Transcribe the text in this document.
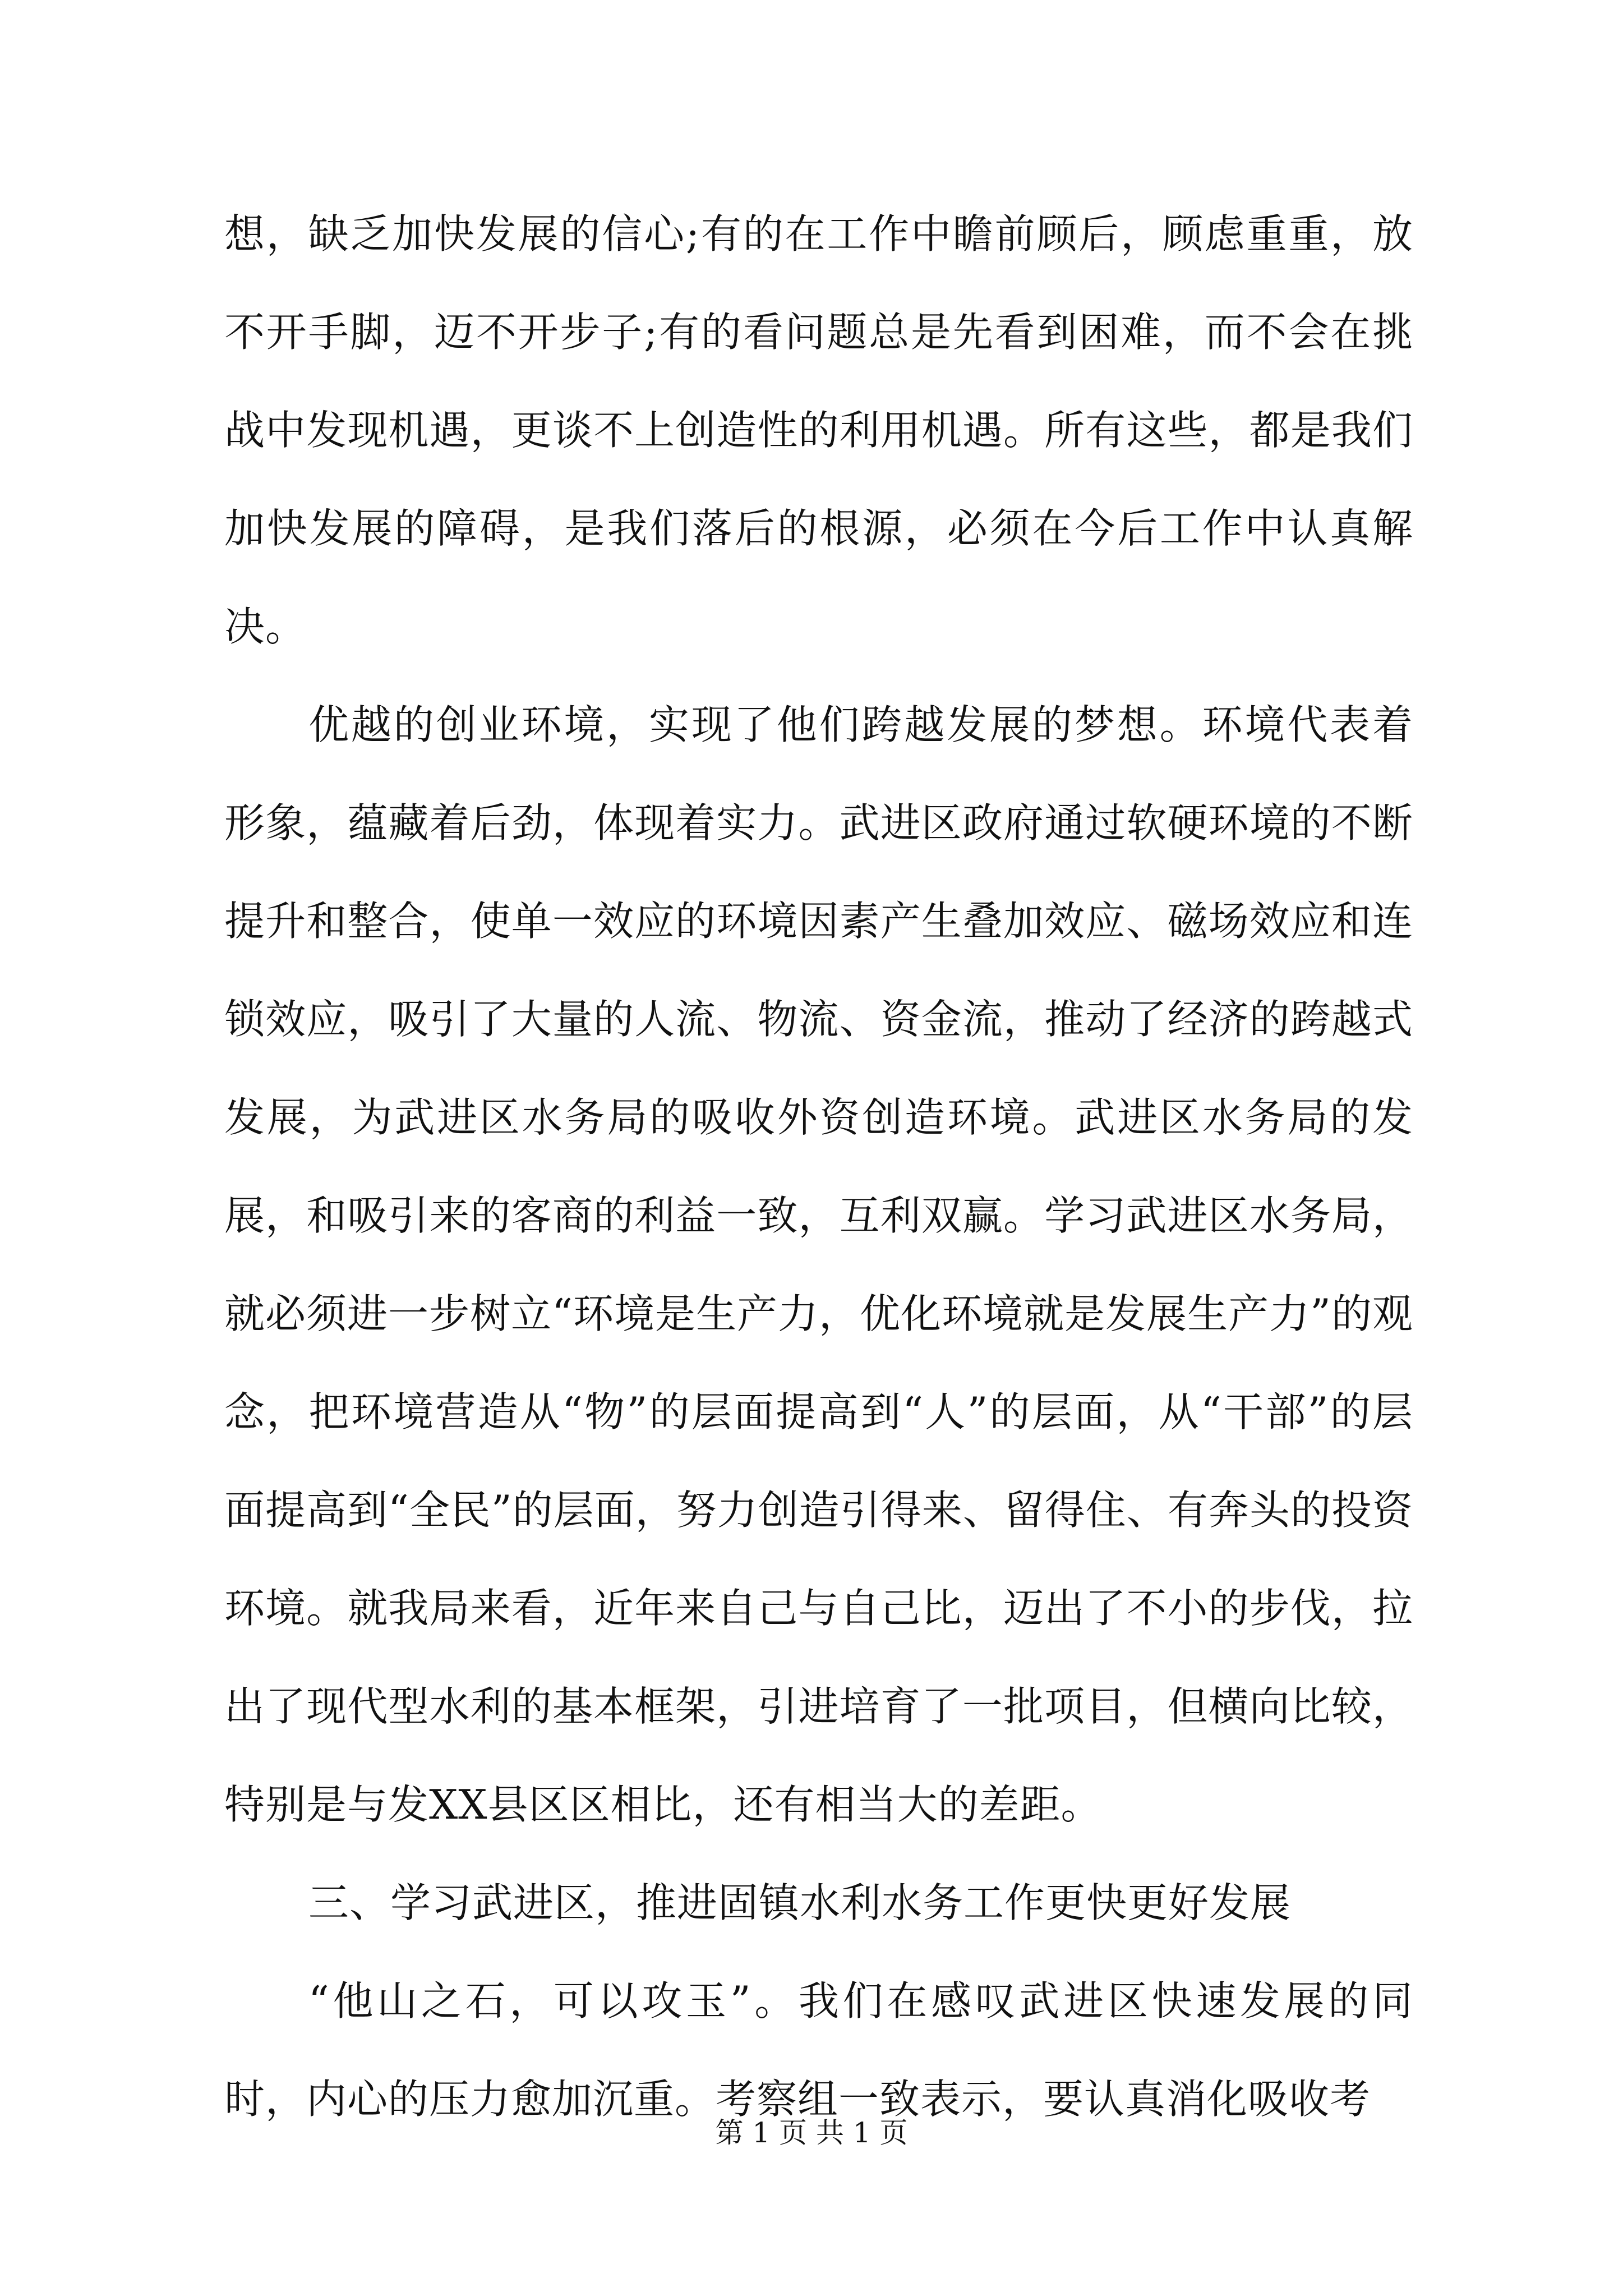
想，缺乏加快发展的信心;有的在工作中瞻前顾后，顾虑重重，放不开手脚，迈不开步子;有的看问题总是先看到困难，而不会在挑战中发现机遇，更谈不上创造性的利用机遇。所有这些，都是我们加快发展的障碍，是我们落后的根源，必须在今后工作中认真解决。

优越的创业环境，实现了他们跨越发展的梦想。环境代表着形象，蕴藏着后劲，体现着实力。武进区政府通过软硬环境的不断提升和整合，使单一效应的环境因素产生叠加效应、磁场效应和连锁效应，吸引了大量的人流、物流、资金流，推动了经济的跨越式发展，为武进区水务局的吸收外资创造环境。武进区水务局的发展，和吸引来的客商的利益一致，互利双赢。学习武进区水务局，就必须进一步树立“环境是生产力，优化环境就是发展生产力”的观念，把环境营造从“物”的层面提高到“人”的层面，从“干部”的层面提高到“全民”的层面，努力创造引得来、留得住、有奔头的投资环境。就我局来看，近年来自己与自己比，迈出了不小的步伐，拉出了现代型水利的基本框架，引进培育了一批项目，但横向比较，特别是与发XX县区区相比，还有相当大的差距。

三、学习武进区，推进固镇水利水务工作更快更好发展

“他山之石，可以攻玉”。我们在感叹武进区快速发展的同时，内心的压力愈加沉重。考察组一致表示，要认真消化吸收考

第 1 页 共 1 页
